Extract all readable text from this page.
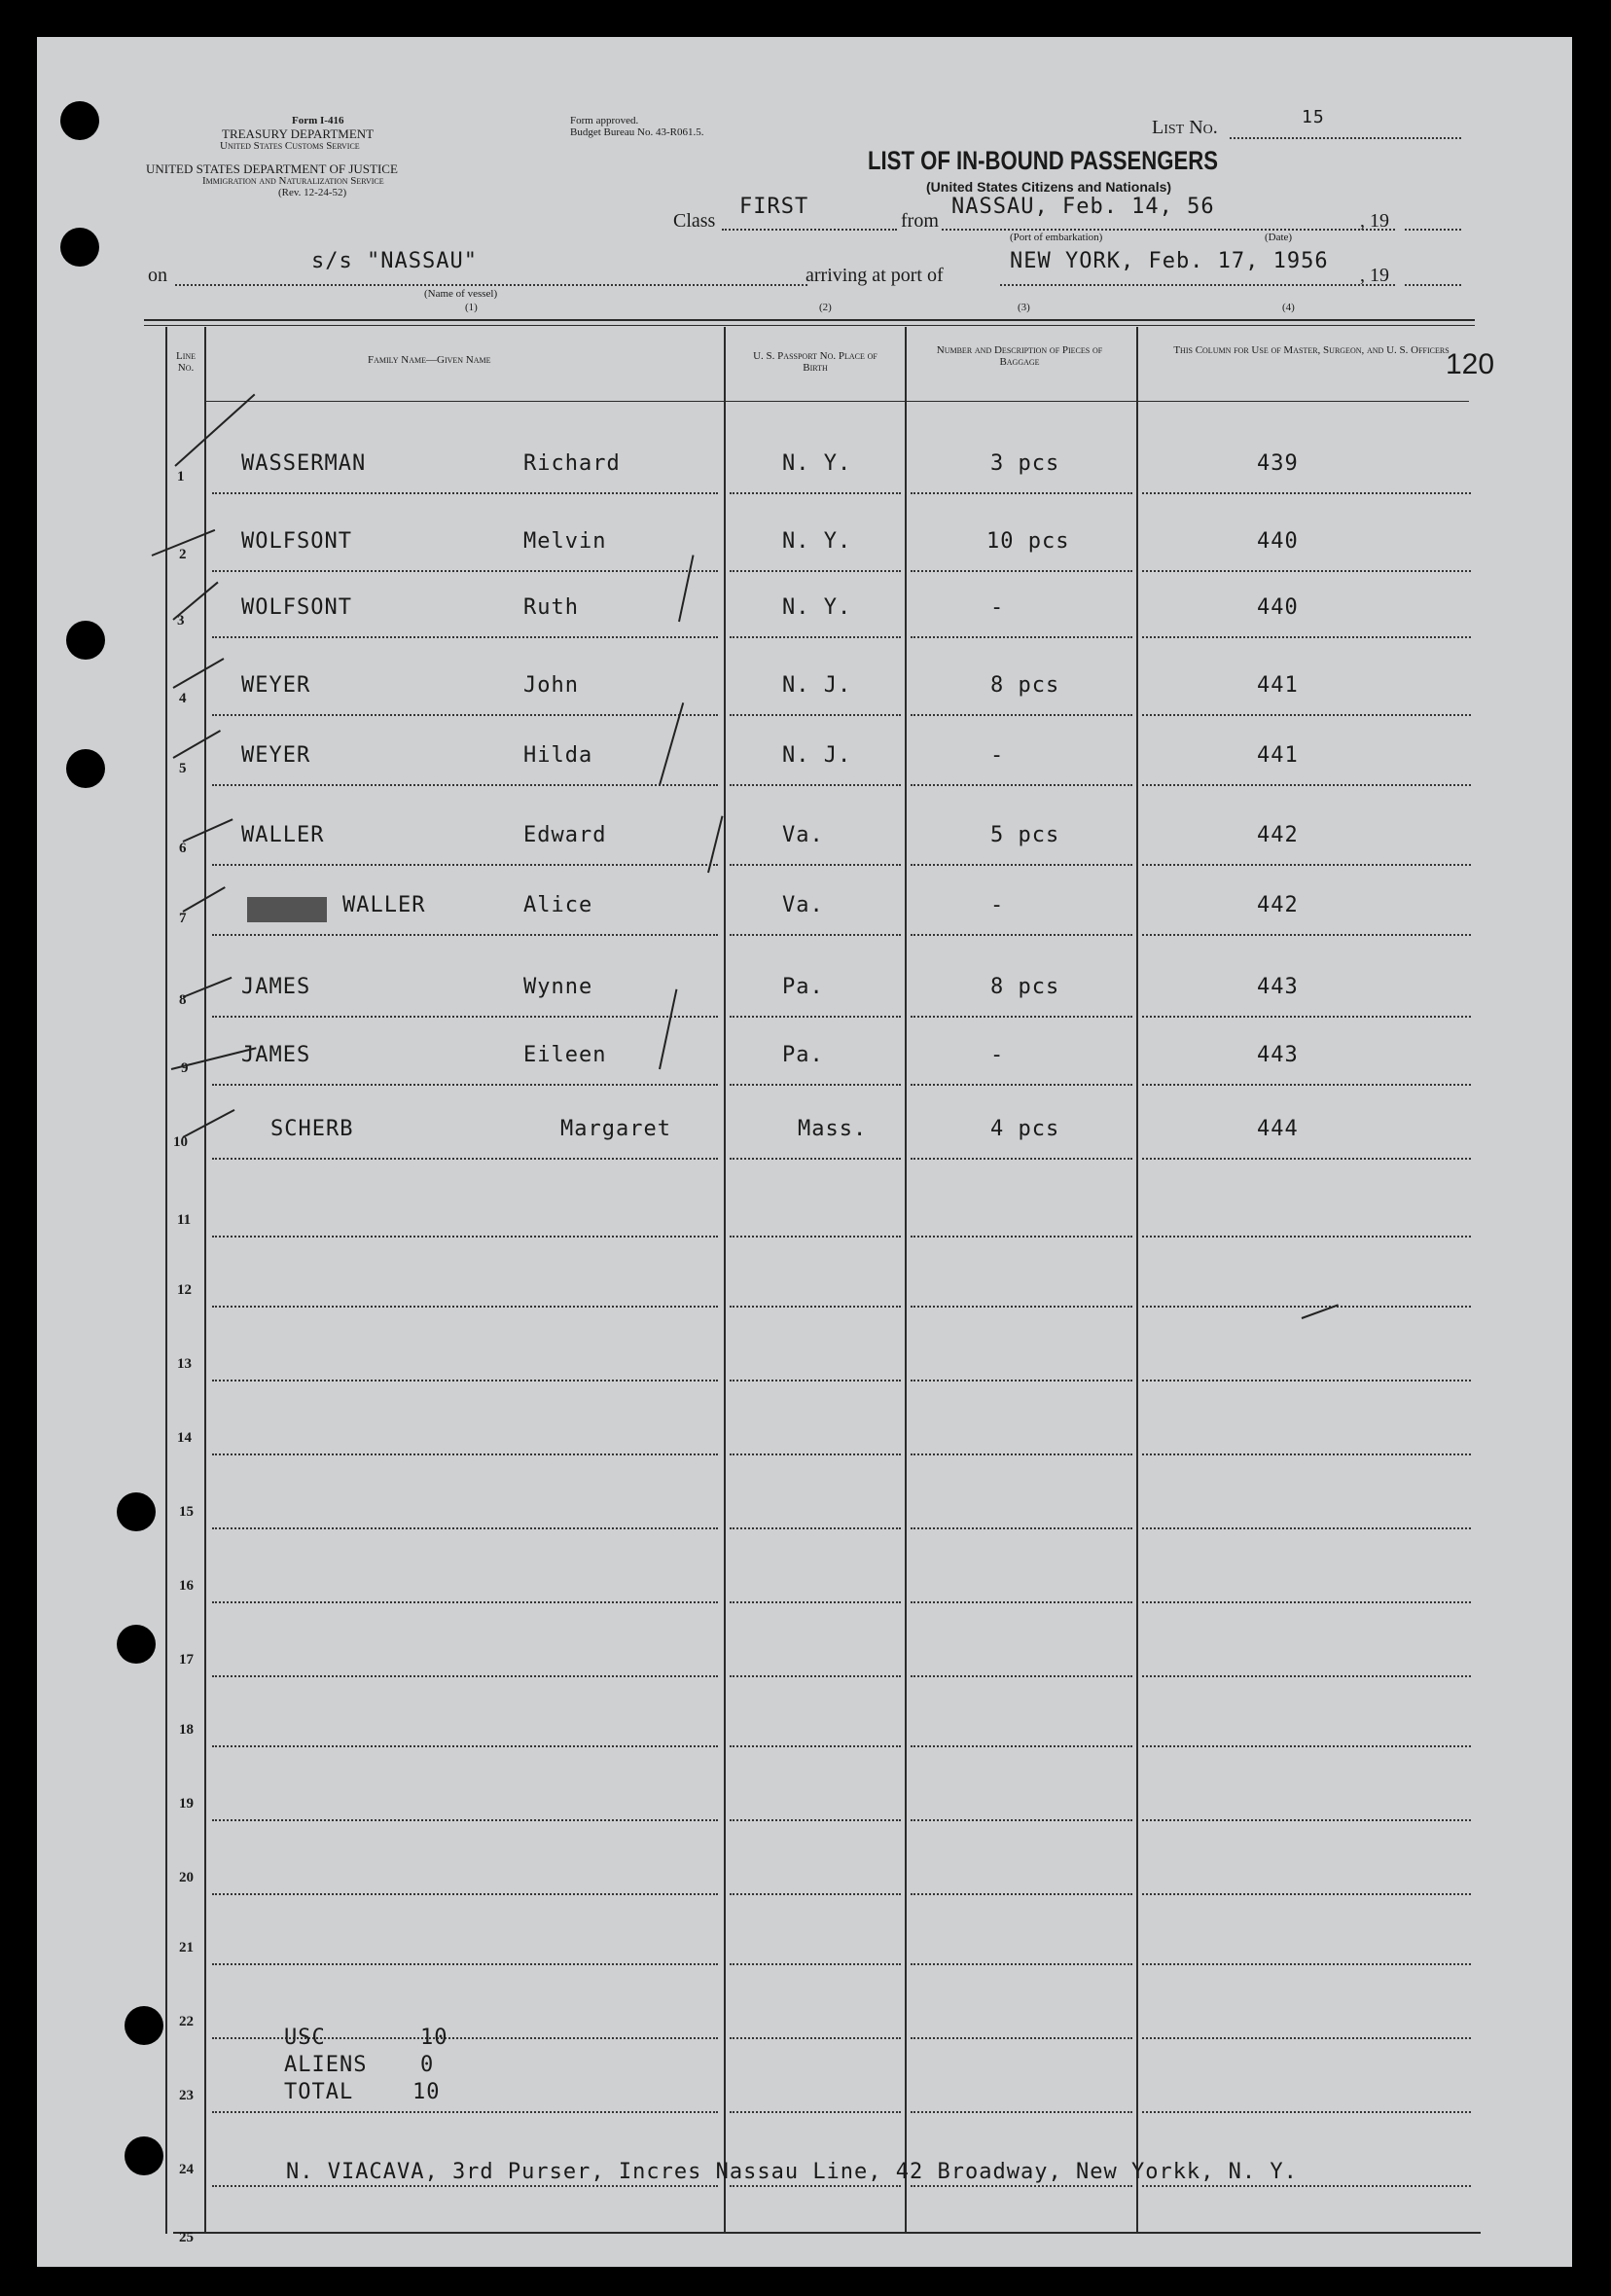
Form I-416
TREASURY DEPARTMENT
United States Customs Service
UNITED STATES DEPARTMENT OF JUSTICE
Immigration and Naturalization Service
(Rev. 12-24-52)
Form approved.
Budget Bureau No. 43-R061.5.	List No.	15
LIST OF IN-BOUND PASSENGERS
(United States Citizens and Nationals)
Class
FIRST
from
NASSAU, Feb. 14, 56
, 19
(Port of embarkation)	(Date)
on
s/s "NASSAU"
arriving at port of
NEW YORK, Feb. 17, 1956
, 19
(Name of vessel)
(1)	(2)	(3)	(4)
Line No.
Family Name—Given Name	U. S. Passport No. Place of Birth
Number and Description of Pieces of Baggage
This Column for Use of Master, Surgeon, and U. S. Officers
120
1
WASSERMAN	Richard	N. Y.	3 pcs	439
2
WOLFSONT	Melvin	N. Y.	10 pcs	440
3
WOLFSONT	Ruth	N. Y.	-	440
4
WEYER	John	N. J.	8 pcs	441
5
WEYER	Hilda	N. J.	-	441
6
WALLER	Edward	Va.	5 pcs	442
7
WALLER	Alice	Va.	-	442
8
JAMES	Wynne	Pa.	8 pcs	443
9
JAMES	Eileen	Pa.	-	443
10
SCHERB	Margaret	Mass.	4 pcs	444
11
12
13
14
15
16
17
18
19
20
21
22
23
24
25
USC	10
ALIENS 0
TOTAL	10
N. VIACAVA, 3rd Purser, Incres Nassau Line, 42 Broadway, New Yorkk, N. Y.
